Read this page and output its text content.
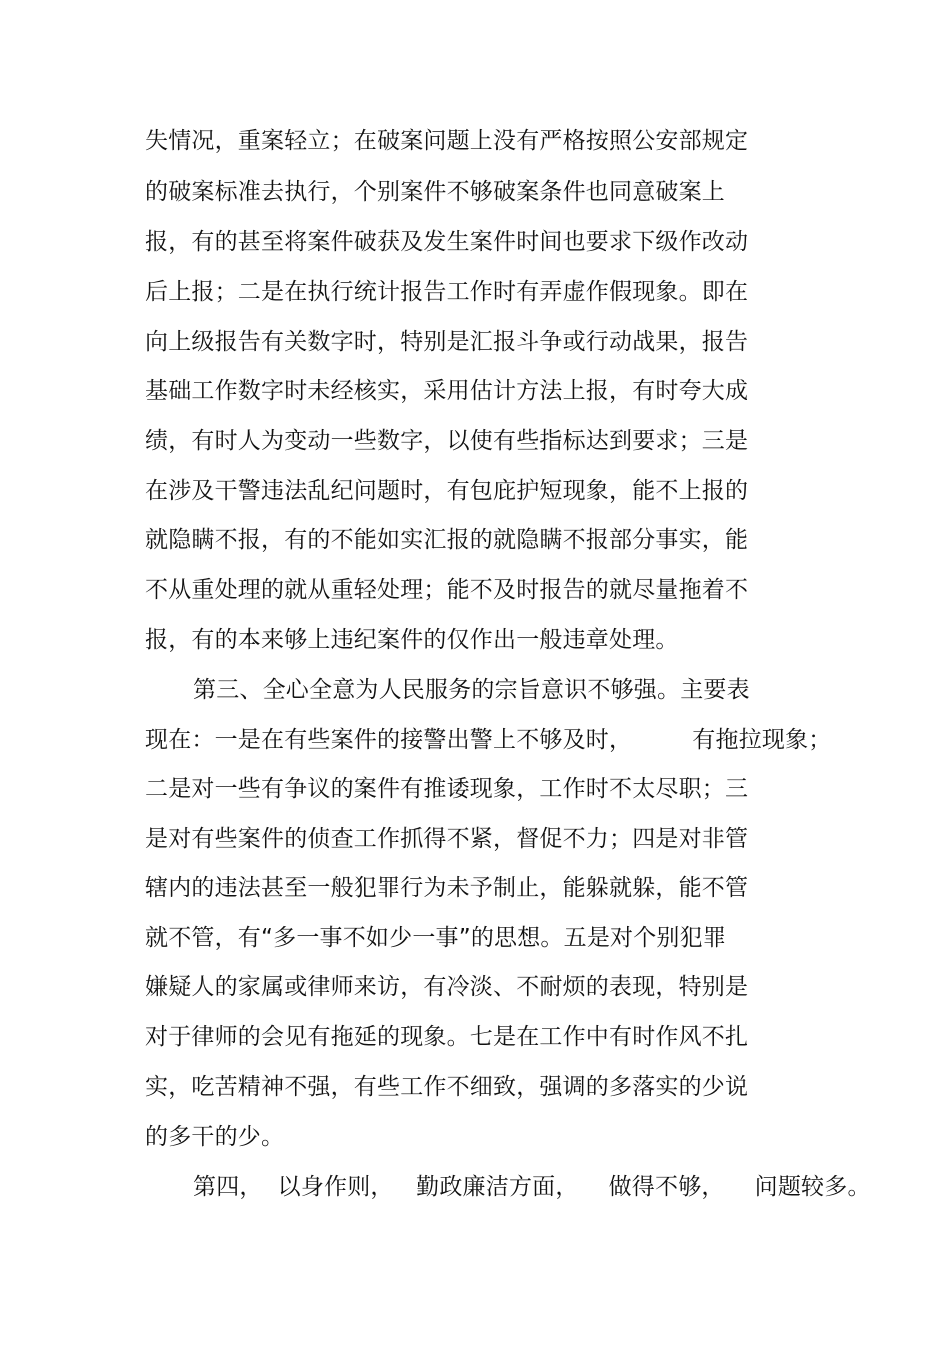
失情况，重案轻立；在破案问题上没有严格按照公安部规定
的破案标准去执行，个别案件不够破案条件也同意破案上
报，有的甚至将案件破获及发生案件时间也要求下级作改动
后上报；二是在执行统计报告工作时有弄虚作假现象。即在
向上级报告有关数字时，特别是汇报斗争或行动战果，报告
基础工作数字时未经核实，采用估计方法上报，有时夸大成
绩，有时人为变动一些数字，以使有些指标达到要求；三是
在涉及干警违法乱纪问题时，有包庇护短现象，能不上报的
就隐瞒不报，有的不能如实汇报的就隐瞒不报部分事实，能
不从重处理的就从重轻处理；能不及时报告的就尽量拖着不
报，有的本来够上违纪案件的仅作出一般违章处理。
第三、全心全意为人民服务的宗旨意识不够强。主要表
现在：一是在有些案件的接警出警上不够及时，        有拖拉现象；
二是对一些有争议的案件有推诿现象，工作时不太尽职；三
是对有些案件的侦查工作抓得不紧，督促不力；四是对非管
辖内的违法甚至一般犯罪行为未予制止，能躲就躲，能不管
就不管，有“多一事不如少一事”的思想。五是对个别犯罪
嫌疑人的家属或律师来访，有冷淡、不耐烦的表现，特别是
对于律师的会见有拖延的现象。七是在工作中有时作风不扎
实，吃苦精神不强，有些工作不细致，强调的多落实的少说
的多干的少。
第四，  以身作则，   勤政廉洁方面，    做得不够，    问题较多。
